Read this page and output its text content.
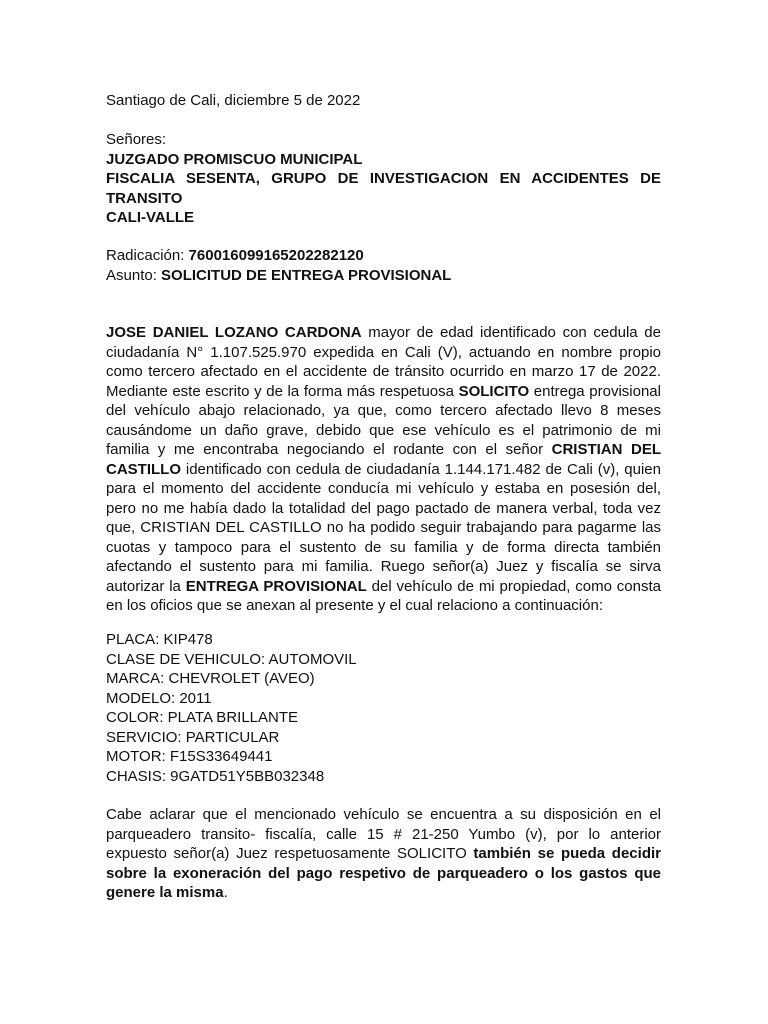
Santiago de Cali, diciembre 5 de 2022
Señores:
JUZGADO PROMISCUO MUNICIPAL
FISCALIA SESENTA, GRUPO DE INVESTIGACION EN ACCIDENTES DE TRANSITO
CALI-VALLE
Radicación: 760016099165202282120
Asunto: SOLICITUD DE ENTREGA PROVISIONAL
JOSE DANIEL LOZANO CARDONA mayor de edad identificado con cedula de ciudadanía N° 1.107.525.970 expedida en Cali (V), actuando en nombre propio como tercero afectado en el accidente de tránsito ocurrido en marzo 17 de 2022. Mediante este escrito y de la forma más respetuosa SOLICITO entrega provisional del vehículo abajo relacionado, ya que, como tercero afectado llevo 8 meses causándome un daño grave, debido que ese vehículo es el patrimonio de mi familia y me encontraba negociando el rodante con el señor CRISTIAN DEL CASTILLO identificado con cedula de ciudadanía 1.144.171.482 de Cali (v), quien para el momento del accidente conducía mi vehículo y estaba en posesión del, pero no me había dado la totalidad del pago pactado de manera verbal, toda vez que, CRISTIAN DEL CASTILLO no ha podido seguir trabajando para pagarme las cuotas y tampoco para el sustento de su familia y de forma directa también afectando el sustento para mi familia. Ruego señor(a) Juez y fiscalía se sirva autorizar la ENTREGA PROVISIONAL del vehículo de mi propiedad, como consta en los oficios que se anexan al presente y el cual relaciono a continuación:
PLACA: KIP478
CLASE DE VEHICULO: AUTOMOVIL
MARCA: CHEVROLET (AVEO)
MODELO: 2011
COLOR: PLATA BRILLANTE
SERVICIO: PARTICULAR
MOTOR: F15S33649441
CHASIS: 9GATD51Y5BB032348
Cabe aclarar que el mencionado vehículo se encuentra a su disposición en el parqueadero transito- fiscalía, calle 15 # 21-250 Yumbo (v), por lo anterior expuesto señor(a) Juez respetuosamente SOLICITO también se pueda decidir sobre la exoneración del pago respetivo de parqueadero o los gastos que genere la misma.
